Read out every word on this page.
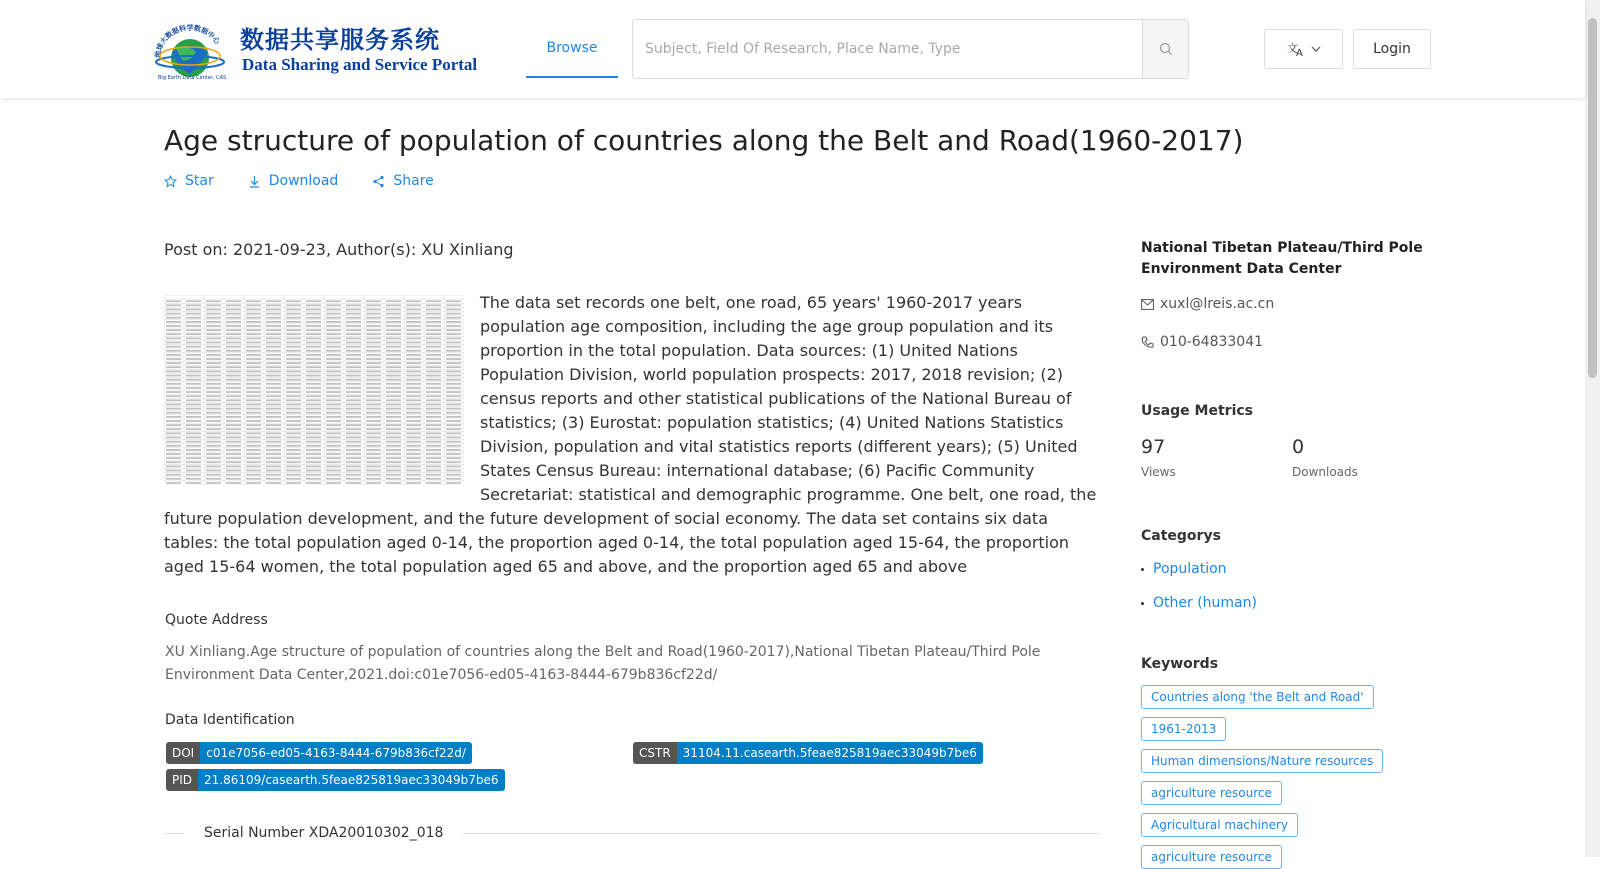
地球大数据科学数据中心
Big Earth Data Center, CAS
数据共享服务系统
Data Sharing and Service Portal
Browse
Subject, Field Of Research, Place Name, Type	文
A	Login
Age structure of population of countries along the Belt and Road(1960-2017)
Star	Download	Share
Post on: 2021-09-23, Author(s): XU Xinliang
The data set records one belt, one road, 65 years' 1960-2017 years population age composition, including the age group population and its proportion in the total population. Data sources: (1) United Nations Population Division, world population prospects: 2017, 2018 revision; (2) census reports and other statistical publications of the National Bureau of statistics; (3) Eurostat: population statistics; (4) United Nations Statistics Division, population and vital statistics reports (different years); (5) United States Census Bureau: international database; (6) Pacific Community Secretariat: statistical and demographic programme. One belt, one road, the future population development, and the future development of social economy. The data set contains six data tables: the total population aged 0-14, the proportion aged 0-14, the total population aged 15-64, the proportion aged 15-64 women, the total population aged 65 and above, and the proportion aged 65 and above
Quote Address
XU Xinliang.Age structure of population of countries along the Belt and Road(1960-2017),National Tibetan Plateau/Third Pole Environment Data Center,2021.doi:c01e7056-ed05-4163-8444-679b836cf22d/
Data Identification
DOI	c01e7056-ed05-4163-8444-679b836cf22d/	CSTR	31104.11.casearth.5feae825819aec33049b7be6
PID	21.86109/casearth.5feae825819aec33049b7be6
Serial Number XDA20010302_018
National Tibetan Plateau/Third Pole Environment Data Center
xuxl@lreis.ac.cn
010-64833041
Usage Metrics
97
Views
0
Downloads
Categorys
Population
Other (human)
Keywords
Countries along 'the Belt and Road'
1961-2013
Human dimensions/Nature resources
agriculture resource
Agricultural machinery
agriculture resource
